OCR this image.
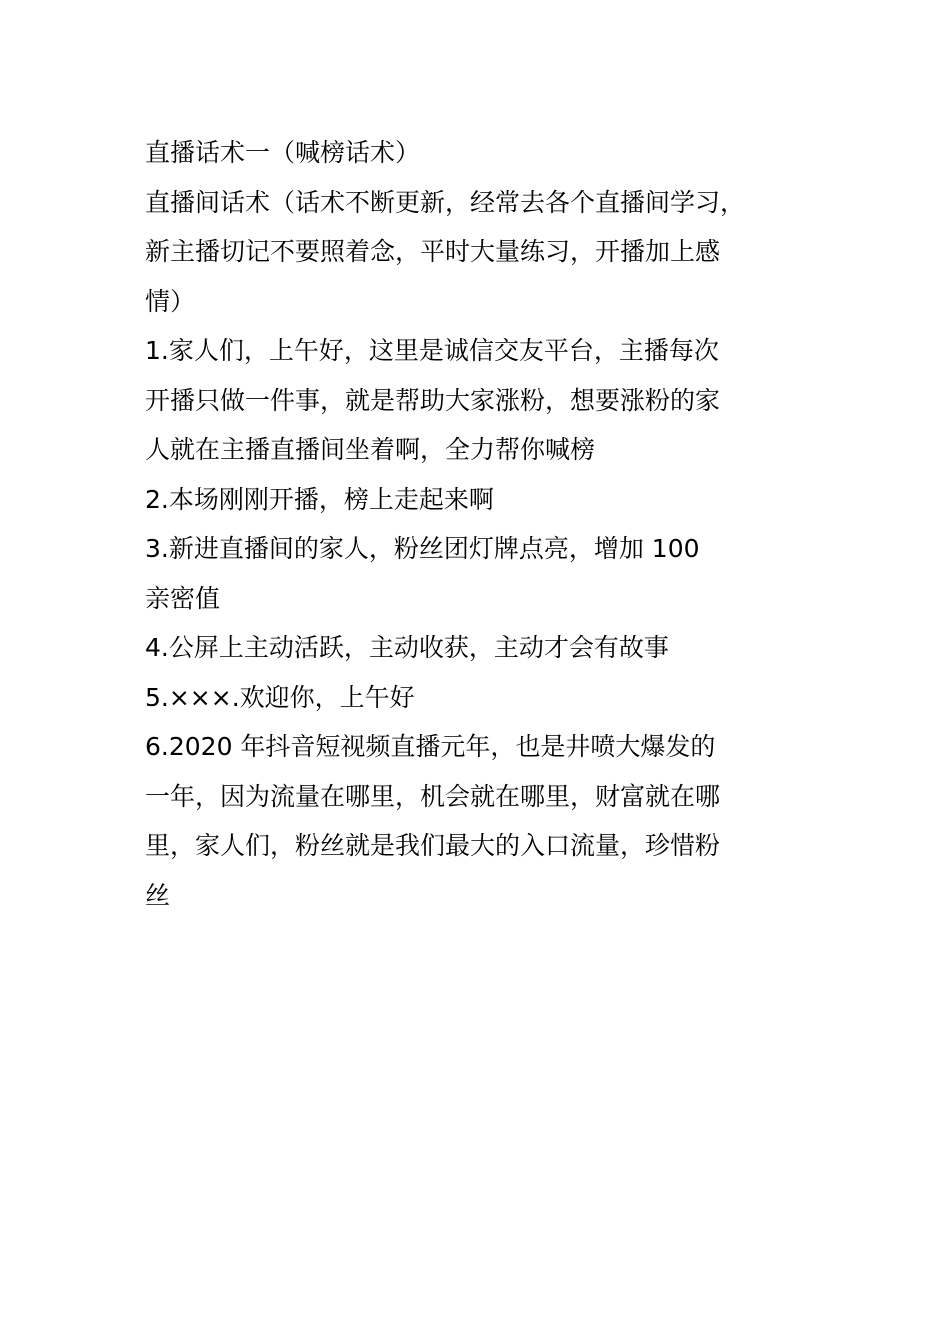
直播话术一（喊榜话术）
直播间话术（话术不断更新，经常去各个直播间学习，
新主播切记不要照着念，平时大量练习，开播加上感
情）
1.家人们，上午好，这里是诚信交友平台，主播每次
开播只做一件事，就是帮助大家涨粉，想要涨粉的家
人就在主播直播间坐着啊，全力帮你喊榜
2.本场刚刚开播，榜上走起来啊
3.新进直播间的家人，粉丝团灯牌点亮，增加 100
亲密值
4.公屏上主动活跃，主动收获，主动才会有故事
5.×××.欢迎你，上午好
6.2020 年抖音短视频直播元年，也是井喷大爆发的
一年，因为流量在哪里，机会就在哪里，财富就在哪
里，家人们，粉丝就是我们最大的入口流量，珍惜粉
丝
